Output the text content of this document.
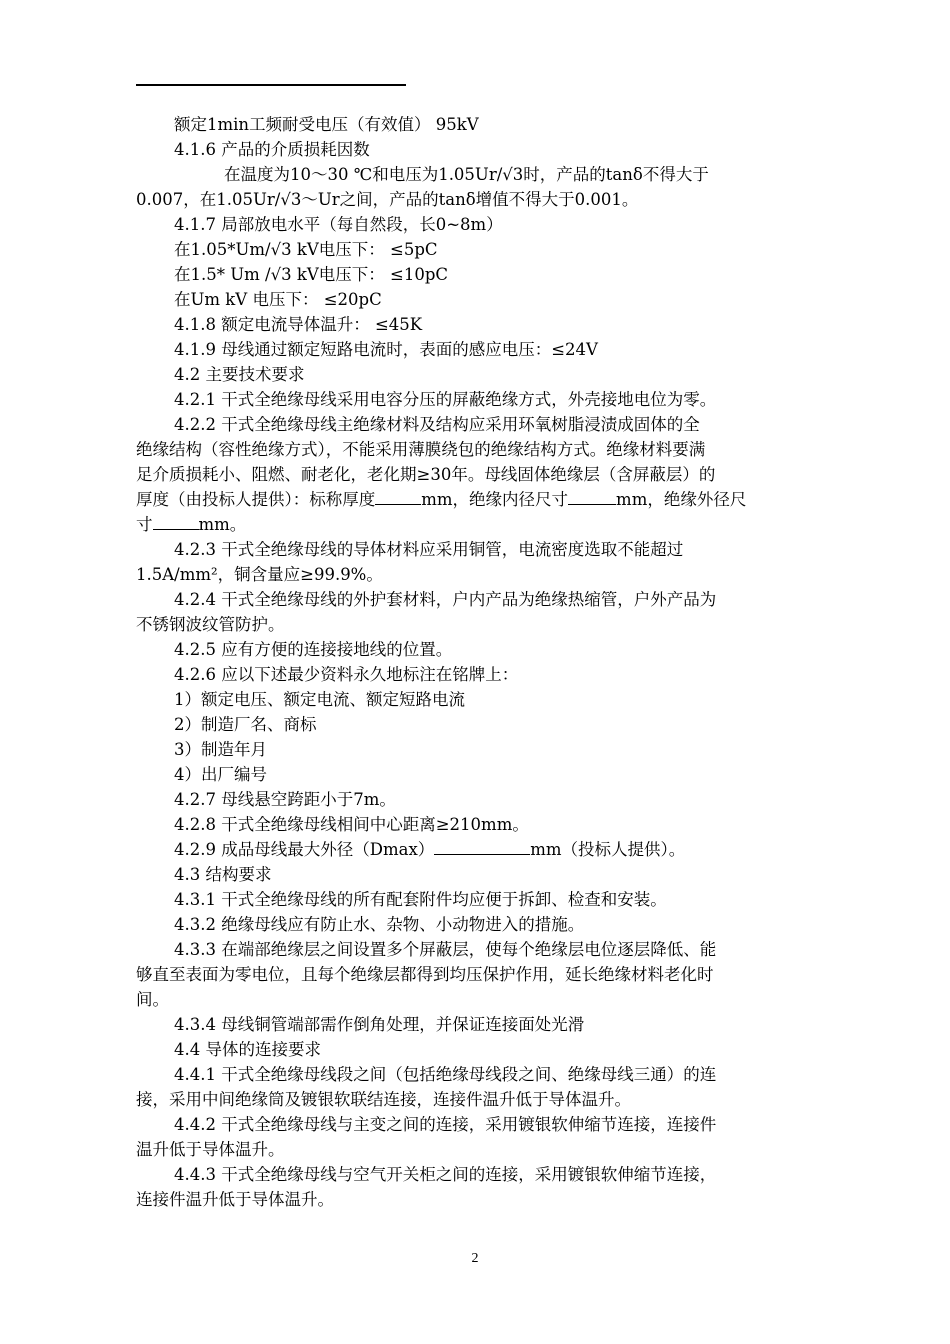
额定1min工频耐受电压（有效值） 95kV
4.1.6 产品的介质损耗因数
在温度为10～30 ℃和电压为1.05Ur/√3时，产品的tanδ不得大于
0.007，在1.05Ur/√3～Ur之间，产品的tanδ增值不得大于0.001。
4.1.7 局部放电水平（每自然段，长0~8m）
在1.05*Um/√3 kV电压下： ≤5pC
在1.5* Um /√3 kV电压下： ≤10pC
在Um kV 电压下： ≤20pC
4.1.8 额定电流导体温升： ≤45K
4.1.9 母线通过额定短路电流时，表面的感应电压：≤24V
4.2 主要技术要求
4.2.1 干式全绝缘母线采用电容分压的屏蔽绝缘方式，外壳接地电位为零。
4.2.2 干式全绝缘母线主绝缘材料及结构应采用环氧树脂浸渍成固体的全
绝缘结构（容性绝缘方式），不能采用薄膜绕包的绝缘结构方式。绝缘材料要满
足介质损耗小、阻燃、耐老化，老化期≥30年。母线固体绝缘层（含屏蔽层）的
厚度（由投标人提供）：标称厚度	mm，绝缘内径尺寸	mm，绝缘外径尺
寸	mm。
4.2.3 干式全绝缘母线的导体材料应采用铜管，电流密度选取不能超过
1.5A/mm²，铜含量应≥99.9%。
4.2.4 干式全绝缘母线的外护套材料，户内产品为绝缘热缩管，户外产品为
不锈钢波纹管防护。
4.2.5 应有方便的连接接地线的位置。
4.2.6 应以下述最少资料永久地标注在铭牌上：
1）额定电压、额定电流、额定短路电流
2）制造厂名、商标
3）制造年月
4）出厂编号
4.2.7 母线悬空跨距小于7m。
4.2.8 干式全绝缘母线相间中心距离≥210mm。
4.2.9 成品母线最大外径（Dmax）	mm（投标人提供）。
4.3 结构要求
4.3.1 干式全绝缘母线的所有配套附件均应便于拆卸、检查和安装。
4.3.2 绝缘母线应有防止水、杂物、小动物进入的措施。
4.3.3 在端部绝缘层之间设置多个屏蔽层，使每个绝缘层电位逐层降低、能
够直至表面为零电位，且每个绝缘层都得到均压保护作用，延长绝缘材料老化时
间。
4.3.4 母线铜管端部需作倒角处理，并保证连接面处光滑
4.4 导体的连接要求
4.4.1 干式全绝缘母线段之间（包括绝缘母线段之间、绝缘母线三通）的连
接，采用中间绝缘筒及镀银软联结连接，连接件温升低于导体温升。
4.4.2 干式全绝缘母线与主变之间的连接，采用镀银软伸缩节连接，连接件
温升低于导体温升。
4.4.3 干式全绝缘母线与空气开关柜之间的连接，采用镀银软伸缩节连接，
连接件温升低于导体温升。
2
